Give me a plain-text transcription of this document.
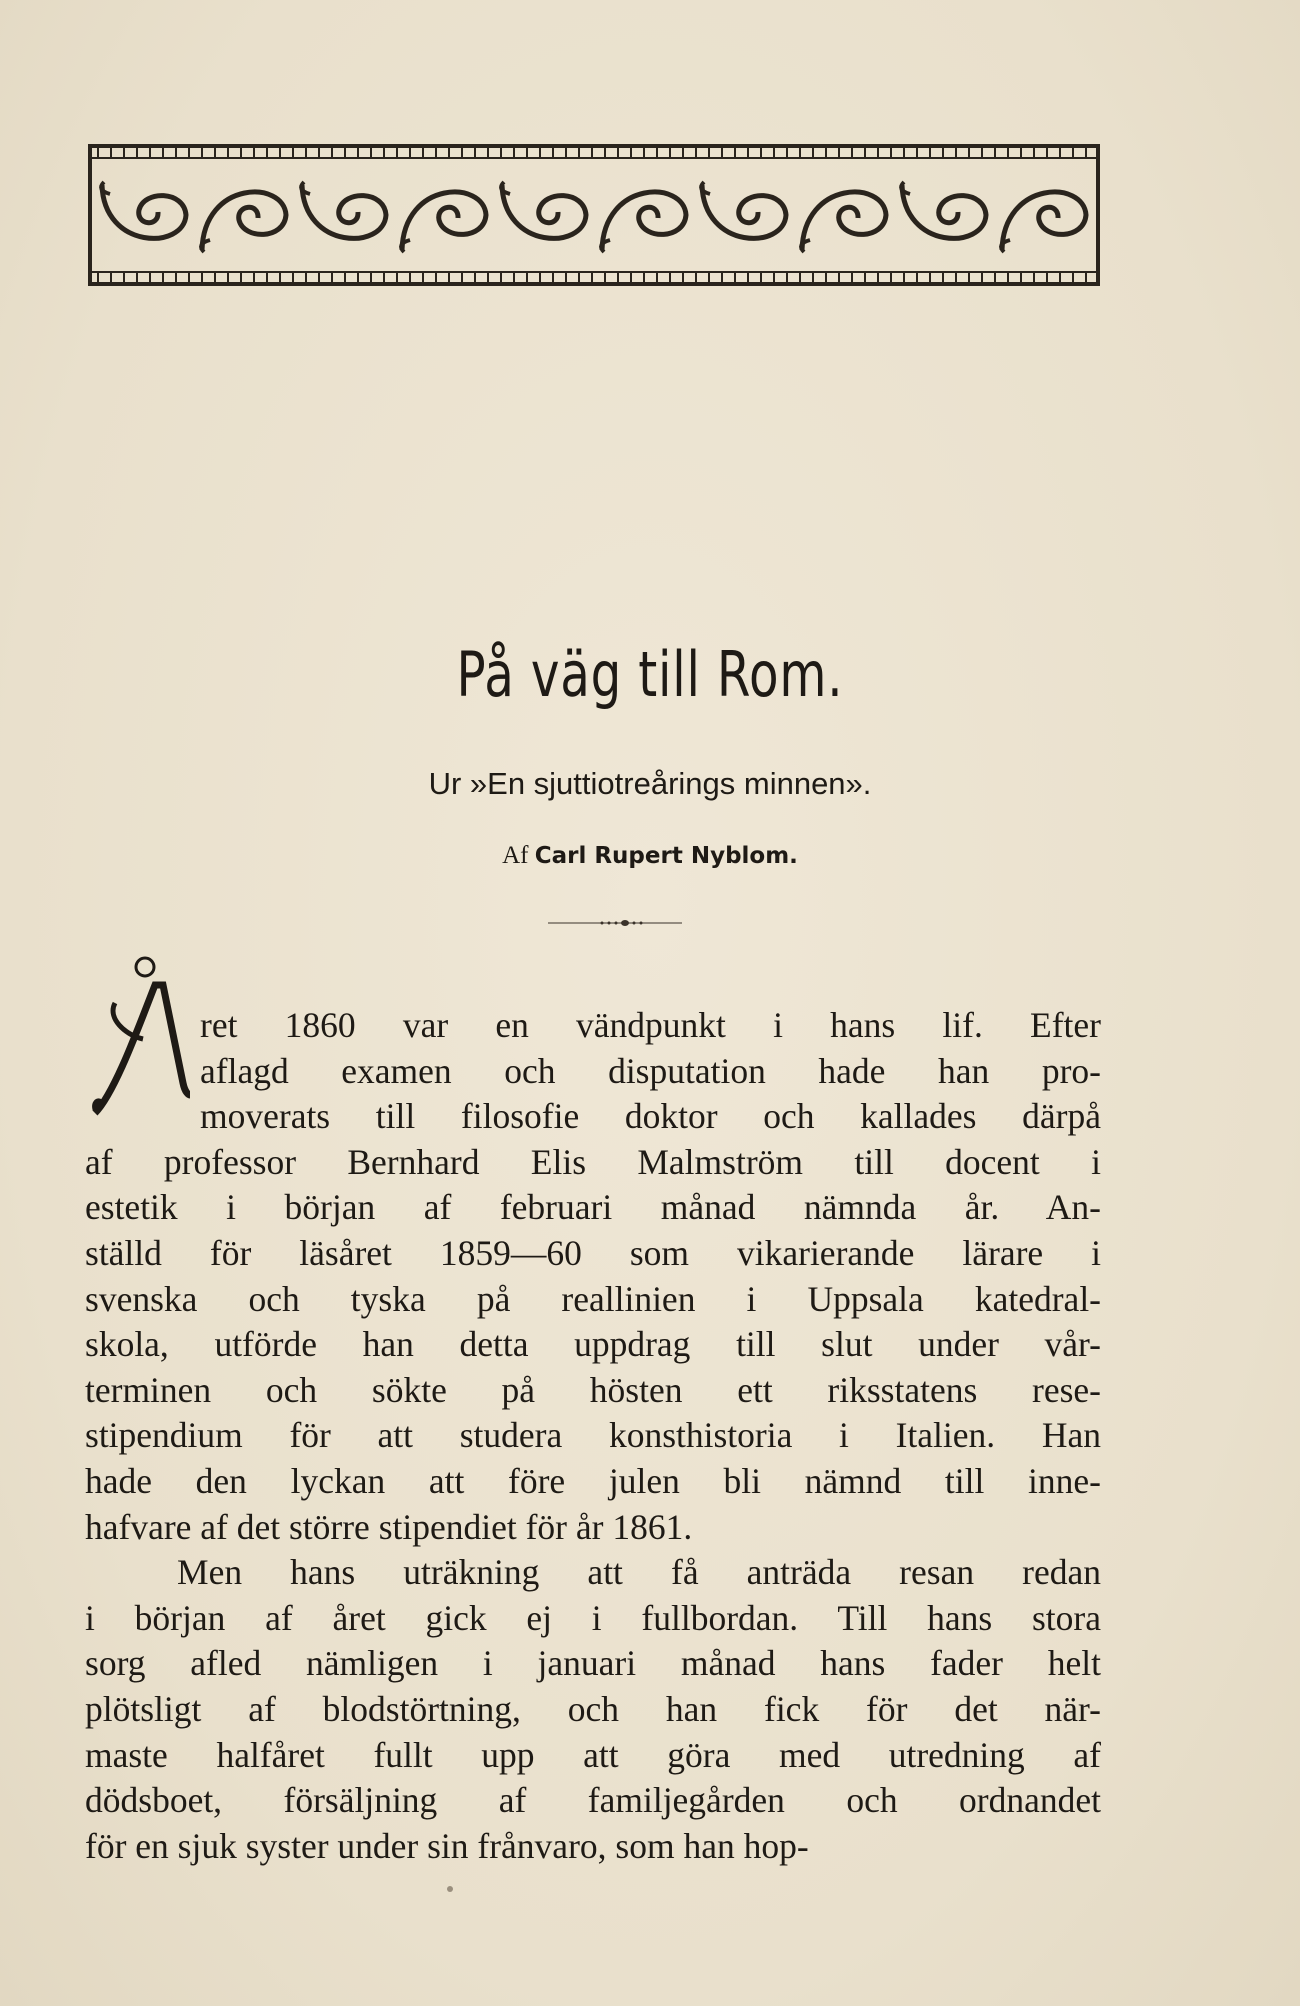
På väg till Rom.
Ur »En sjuttiotreårings minnen».
Af Carl Rupert Nyblom.
Å
ret 1860 var en vändpunkt i hans lif. Efter
aflagd examen och disputation hade han pro-
moverats till filosofie doktor och kallades därpå
af professor Bernhard Elis Malmström till docent i
estetik i början af februari månad nämnda år. An-
ställd för läsåret 1859—60 som vikarierande lärare i
svenska och tyska på reallinien i Uppsala katedral-
skola, utförde han detta uppdrag till slut under vår-
terminen och sökte på hösten ett riksstatens rese-
stipendium för att studera konsthistoria i Italien. Han
hade den lyckan att före julen bli nämnd till inne-
hafvare af det större stipendiet för år 1861.
Men hans uträkning att få anträda resan redan
i början af året gick ej i fullbordan. Till hans stora
sorg afled nämligen i januari månad hans fader helt
plötsligt af blodstörtning, och han fick för det när-
maste halfåret fullt upp att göra med utredning af
dödsboet, försäljning af familjegården och ordnandet
för en sjuk syster under sin frånvaro, som han hop-
